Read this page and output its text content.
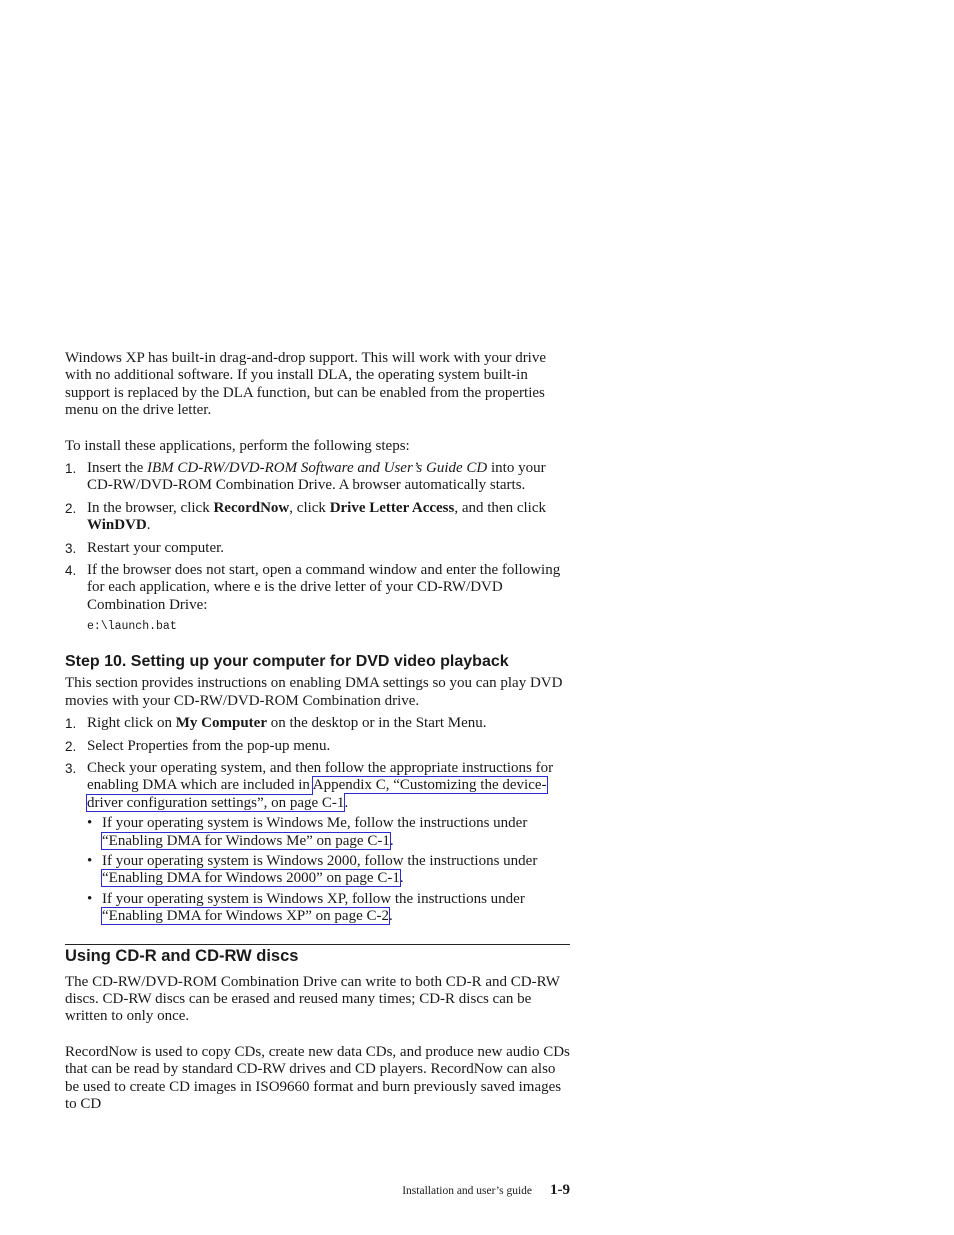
Windows XP has built-in drag-and-drop support. This will work with your drive with no additional software. If you install DLA, the operating system built-in support is replaced by the DLA function, but can be enabled from the properties menu on the drive letter.

To install these applications, perform the following steps:

1. Insert the IBM CD-RW/DVD-ROM Software and User’s Guide CD into your CD-RW/DVD-ROM Combination Drive. A browser automatically starts.
2. In the browser, click RecordNow, click Drive Letter Access, and then click WinDVD.
3. Restart your computer.
4. If the browser does not start, open a command window and enter the following for each application, where e is the drive letter of your CD-RW/DVD Combination Drive:
e:\launch.bat
Step 10. Setting up your computer for DVD video playback

This section provides instructions on enabling DMA settings so you can play DVD movies with your CD-RW/DVD-ROM Combination drive.

1. Right click on My Computer on the desktop or in the Start Menu.
2. Select Properties from the pop-up menu.
3. Check your operating system, and then follow the appropriate instructions for enabling DMA which are included in Appendix C, “Customizing the device-driver configuration settings”, on page C-1.
• If your operating system is Windows Me, follow the instructions under “Enabling DMA for Windows Me” on page C-1.
• If your operating system is Windows 2000, follow the instructions under “Enabling DMA for Windows 2000” on page C-1.
• If your operating system is Windows XP, follow the instructions under “Enabling DMA for Windows XP” on page C-2.
Using CD-R and CD-RW discs

The CD-RW/DVD-ROM Combination Drive can write to both CD-R and CD-RW discs. CD-RW discs can be erased and reused many times; CD-R discs can be written to only once.

RecordNow is used to copy CDs, create new data CDs, and produce new audio CDs that can be read by standard CD-RW drives and CD players. RecordNow can also be used to create CD images in ISO9660 format and burn previously saved images to CD

Installation and user’s guide 1-9
